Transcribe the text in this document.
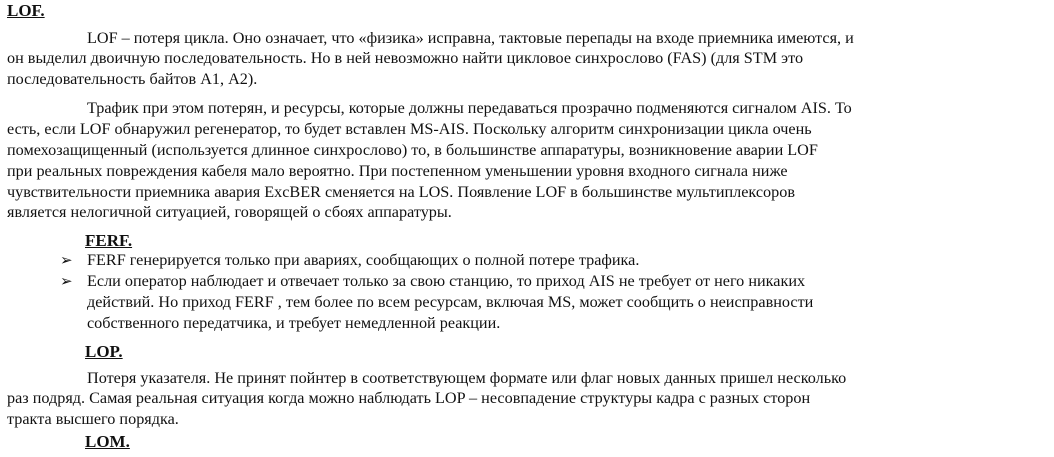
LOF.
LOF – потеря цикла. Оно означает, что «физика» исправна, тактовые перепады на входе приемника имеются, и
он выделил двоичную последовательность. Но в ней невозможно найти цикловое синхрослово (FAS) (для STM это
последовательность байтов А1, А2).
Трафик при этом потерян, и ресурсы, которые должны передаваться прозрачно подменяются сигналом AIS. То
есть, если LOF обнаружил регенератор, то будет вставлен MS-AIS. Поскольку алгоритм синхронизации цикла очень
помехозащищенный (используется длинное синхрослово) то, в большинстве аппаратуры, возникновение аварии LOF
при реальных повреждения кабеля мало вероятно. При постепенном уменьшении уровня входного сигнала ниже
чувствительности приемника авария ExcBER сменяется на LOS. Появление LOF в большинстве мультиплексоров
является нелогичной ситуацией, говорящей о сбоях аппаратуры.
FERF.
➢ FERF генерируется только при авариях, сообщающих о полной потере трафика.
➢ Если оператор наблюдает и отвечает только за свою станцию, то приход AIS не требует от него никаких
действий. Но приход FERF , тем более по всем ресурсам, включая MS, может сообщить о неисправности
собственного передатчика, и требует немедленной реакции.
LOP.
Потеря указателя. Не принят пойнтер в соответствующем формате или флаг новых данных пришел несколько
раз подряд. Самая реальная ситуация когда можно наблюдать LOP – несовпадение структуры кадра с разных сторон
тракта высшего порядка.
LOM.
